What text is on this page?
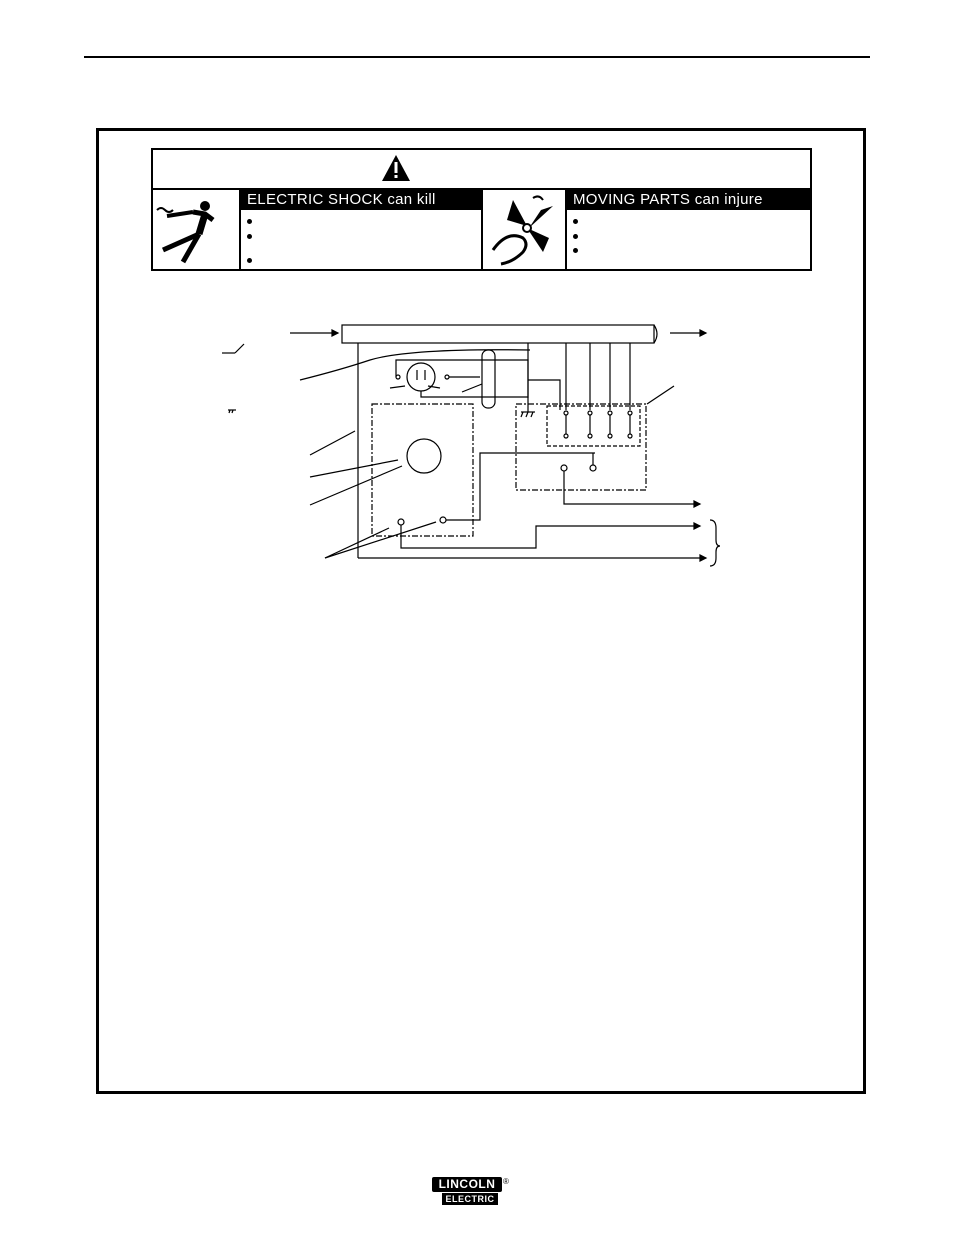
ELECTRIC SHOCK can kill	MOVING PARTS can injure
LINCOLN
ELECTRIC
®
